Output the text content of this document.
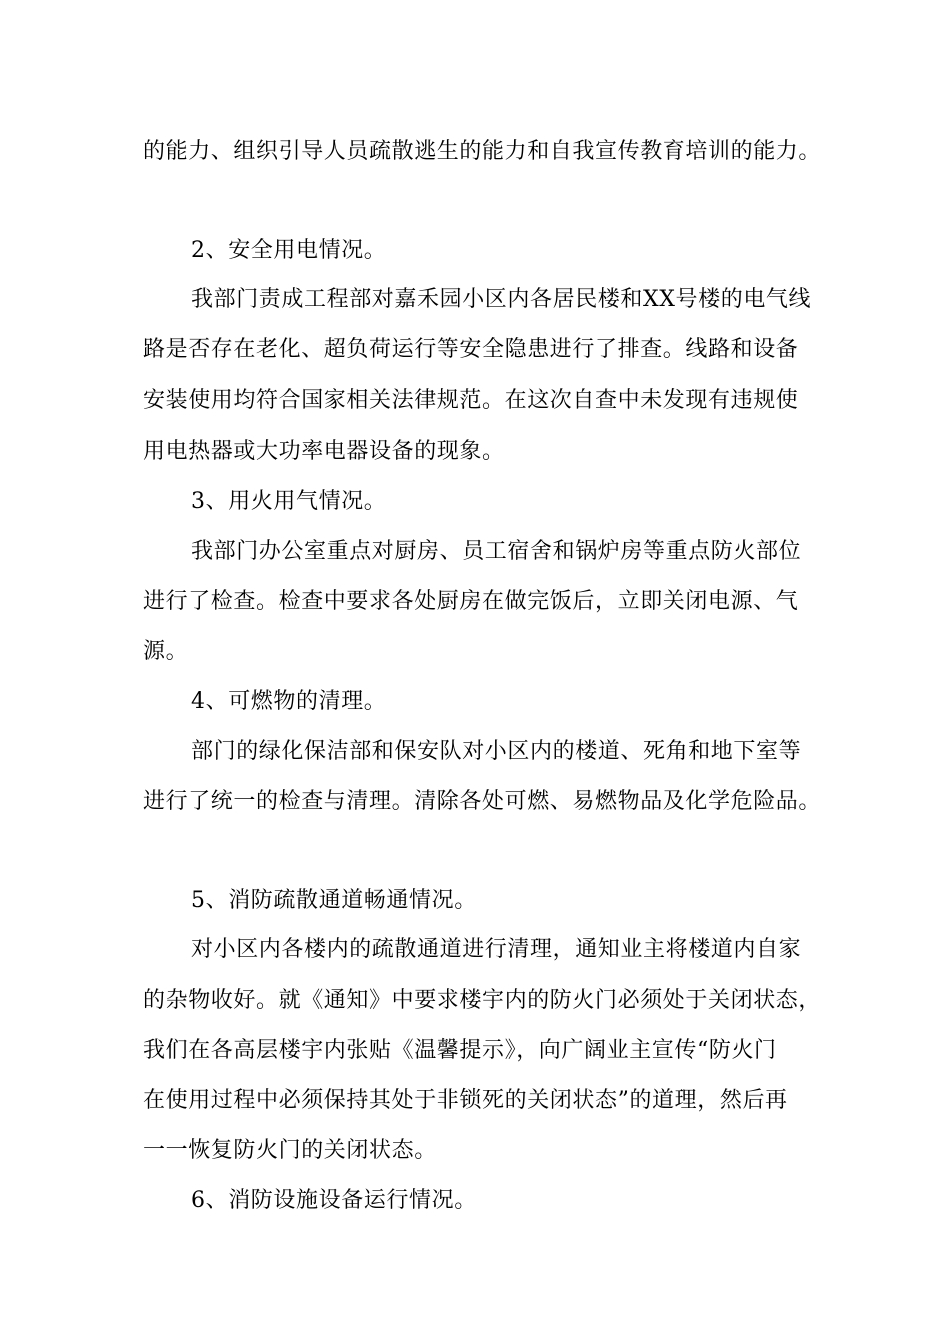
的能力、组织引导人员疏散逃生的能力和自我宣传教育培训的能力。
2、安全用电情况。
我部门责成工程部对嘉禾园小区内各居民楼和XX号楼的电气线
路是否存在老化、超负荷运行等安全隐患进行了排查。线路和设备
安装使用均符合国家相关法律规范。在这次自查中未发现有违规使
用电热器或大功率电器设备的现象。
3、用火用气情况。
我部门办公室重点对厨房、员工宿舍和锅炉房等重点防火部位
进行了检查。检查中要求各处厨房在做完饭后，立即关闭电源、气
源。
4、可燃物的清理。
部门的绿化保洁部和保安队对小区内的楼道、死角和地下室等
进行了统一的检查与清理。清除各处可燃、易燃物品及化学危险品。
5、消防疏散通道畅通情况。
对小区内各楼内的疏散通道进行清理，通知业主将楼道内自家
的杂物收好。就《通知》中要求楼宇内的防火门必须处于关闭状态，
我们在各高层楼宇内张贴《温馨提示》，向广阔业主宣传“防火门
在使用过程中必须保持其处于非锁死的关闭状态”的道理，然后再
一一恢复防火门的关闭状态。
6、消防设施设备运行情况。
